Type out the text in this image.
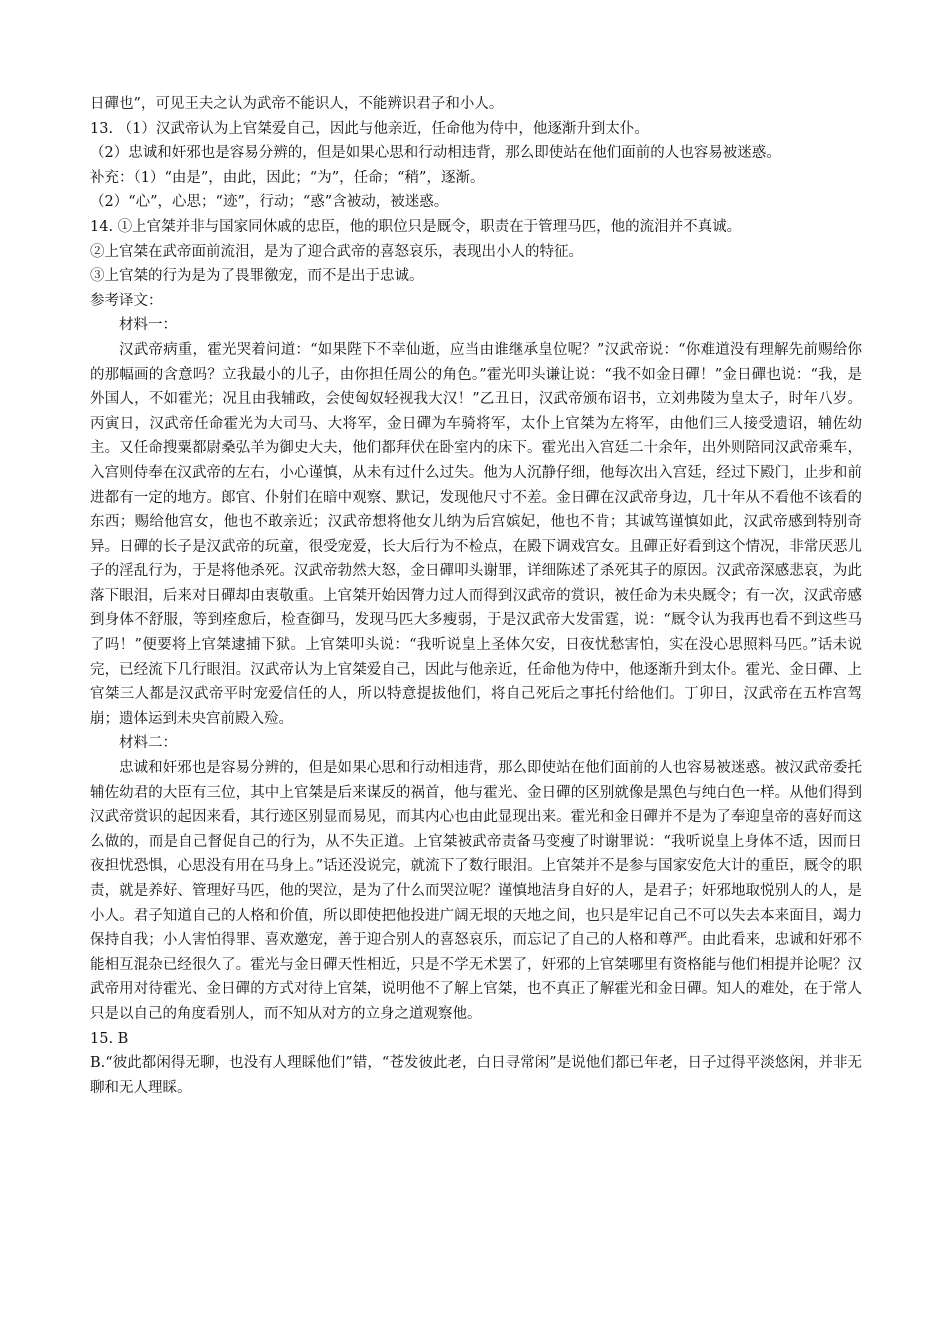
日磾也”，可见王夫之认为武帝不能识人，不能辨识君子和小人。

13. （1）汉武帝认为上官桀爱自己，因此与他亲近，任命他为侍中，他逐渐升到太仆。

（2）忠诚和奸邪也是容易分辨的，但是如果心思和行动相违背，那么即使站在他们面前的人也容易被迷惑。

补充：（1）“由是”，由此，因此；“为”，任命；“稍”，逐渐。

（2）“心”，心思；“迹”，行动；“惑”含被动，被迷惑。

14. ①上官桀并非与国家同休戚的忠臣，他的职位只是厩令，职责在于管理马匹，他的流泪并不真诚。

②上官桀在武帝面前流泪，是为了迎合武帝的喜怒哀乐，表现出小人的特征。

③上官桀的行为是为了畏罪徼宠，而不是出于忠诚。

参考译文：

材料一：

汉武帝病重，霍光哭着问道：“如果陛下不幸仙逝，应当由谁继承皇位呢？”汉武帝说：“你难道没有理解先前赐给你的那幅画的含意吗？立我最小的儿子，由你担任周公的角色。”霍光叩头谦让说：“我不如金日磾！”金日磾也说：“我，是外国人，不如霍光；况且由我辅政，会使匈奴轻视我大汉！”乙丑日，汉武帝颁布诏书，立刘弗陵为皇太子，时年八岁。丙寅日，汉武帝任命霍光为大司马、大将军，金日磾为车骑将军，太仆上官桀为左将军，由他们三人接受遗诏，辅佐幼主。又任命搜粟都尉桑弘羊为御史大夫，他们都拜伏在卧室内的床下。霍光出入宫廷二十余年，出外则陪同汉武帝乘车，入宫则侍奉在汉武帝的左右，小心谨慎，从未有过什么过失。他为人沉静仔细，他每次出入宫廷，经过下殿门，止步和前进都有一定的地方。郎官、仆射们在暗中观察、默记，发现他尺寸不差。金日磾在汉武帝身边，几十年从不看他不该看的东西；赐给他宫女，他也不敢亲近；汉武帝想将他女儿纳为后宫嫔妃，他也不肯；其诚笃谨慎如此，汉武帝感到特别奇异。日磾的长子是汉武帝的玩童，很受宠爱，长大后行为不检点，在殿下调戏宫女。且磾正好看到这个情况，非常厌恶儿子的淫乱行为，于是将他杀死。汉武帝勃然大怒，金日磾叩头谢罪，详细陈述了杀死其子的原因。汉武帝深感悲哀，为此落下眼泪，后来对日磾却由衷敬重。上官桀开始因膂力过人而得到汉武帝的赏识，被任命为未央厩令；有一次，汉武帝感到身体不舒服，等到痊愈后，检查御马，发现马匹大多瘦弱，于是汉武帝大发雷霆，说：“厩令认为我再也看不到这些马了吗！”便要将上官桀逮捕下狱。上官桀叩头说：“我听说皇上圣体欠安，日夜忧愁害怕，实在没心思照料马匹。”话未说完，已经流下几行眼泪。汉武帝认为上官桀爱自己，因此与他亲近，任命他为侍中，他逐渐升到太仆。霍光、金日磾、上官桀三人都是汉武帝平时宠爱信任的人，所以特意提拔他们，将自己死后之事托付给他们。丁卯日，汉武帝在五柞宫驾崩；遗体运到未央宫前殿入殓。

材料二：

忠诚和奸邪也是容易分辨的，但是如果心思和行动相违背，那么即使站在他们面前的人也容易被迷惑。被汉武帝委托辅佐幼君的大臣有三位，其中上官桀是后来谋反的祸首，他与霍光、金日磾的区别就像是黑色与纯白色一样。从他们得到汉武帝赏识的起因来看，其行迹区别显而易见，而其内心也由此显现出来。霍光和金日磾并不是为了奉迎皇帝的喜好而这么做的，而是自己督促自己的行为，从不失正道。上官桀被武帝责备马变瘦了时谢罪说：“我听说皇上身体不适，因而日夜担忧恐惧，心思没有用在马身上。”话还没说完，就流下了数行眼泪。上官桀并不是参与国家安危大计的重臣，厩令的职责，就是养好、管理好马匹，他的哭泣，是为了什么而哭泣呢？谨慎地洁身自好的人，是君子；奸邪地取悦别人的人，是小人。君子知道自己的人格和价值，所以即使把他投进广阔无垠的天地之间，也只是牢记自己不可以失去本来面目，竭力保持自我；小人害怕得罪、喜欢邀宠，善于迎合别人的喜怒哀乐，而忘记了自己的人格和尊严。由此看来，忠诚和奸邪不能相互混杂已经很久了。霍光与金日磾天性相近，只是不学无术罢了，奸邪的上官桀哪里有资格能与他们相提并论呢？汉武帝用对待霍光、金日磾的方式对待上官桀，说明他不了解上官桀，也不真正了解霍光和金日磾。知人的难处，在于常人只是以自己的角度看别人，而不知从对方的立身之道观察他。

15. B

B.“彼此都闲得无聊，也没有人理睬他们”错，“苍发彼此老，白日寻常闲”是说他们都已年老，日子过得平淡悠闲，并非无聊和无人理睬。
